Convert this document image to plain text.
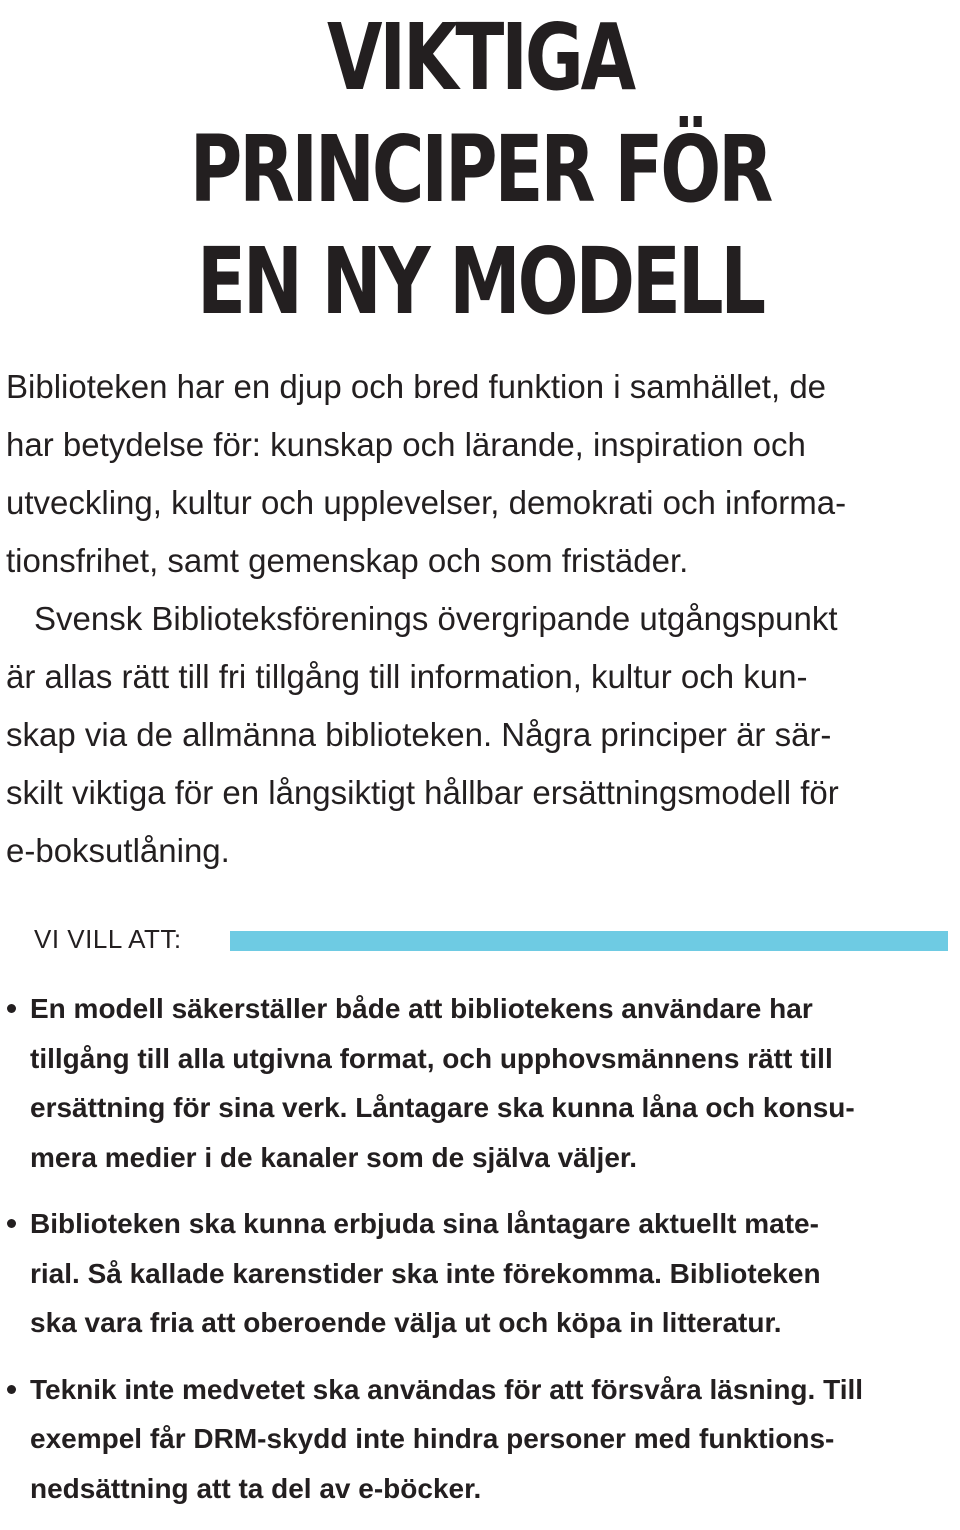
VIKTIGA
PRINCIPER FÖR
EN NY MODELL

Biblioteken har en djup och bred funktion i samhället, de
har betydelse för: kunskap och lärande, inspiration och
utveckling, kultur och upplevelser, demokrati och informa-
tionsfrihet, samt gemenskap och som fristäder.
Svensk Biblioteksförenings övergripande utgångspunkt
är allas rätt till fri tillgång till information, kultur och kun-
skap via de allmänna biblioteken. Några principer är sär-
skilt viktiga för en långsiktigt hållbar ersättningsmodell för
e-boksutlåning.

VI VILL ATT:
En modell säkerställer både att bibliotekens användare har
tillgång till alla utgivna format, och upphovsmännens rätt till
ersättning för sina verk. Låntagare ska kunna låna och konsu-
mera medier i de kanaler som de själva väljer.
Biblioteken ska kunna erbjuda sina låntagare aktuellt mate-
rial. Så kallade karenstider ska inte förekomma. Biblioteken
ska vara fria att oberoende välja ut och köpa in litteratur.
Teknik inte medvetet ska användas för att försvåra läsning. Till
exempel får DRM-skydd inte hindra personer med funktions-
nedsättning att ta del av e-böcker.
